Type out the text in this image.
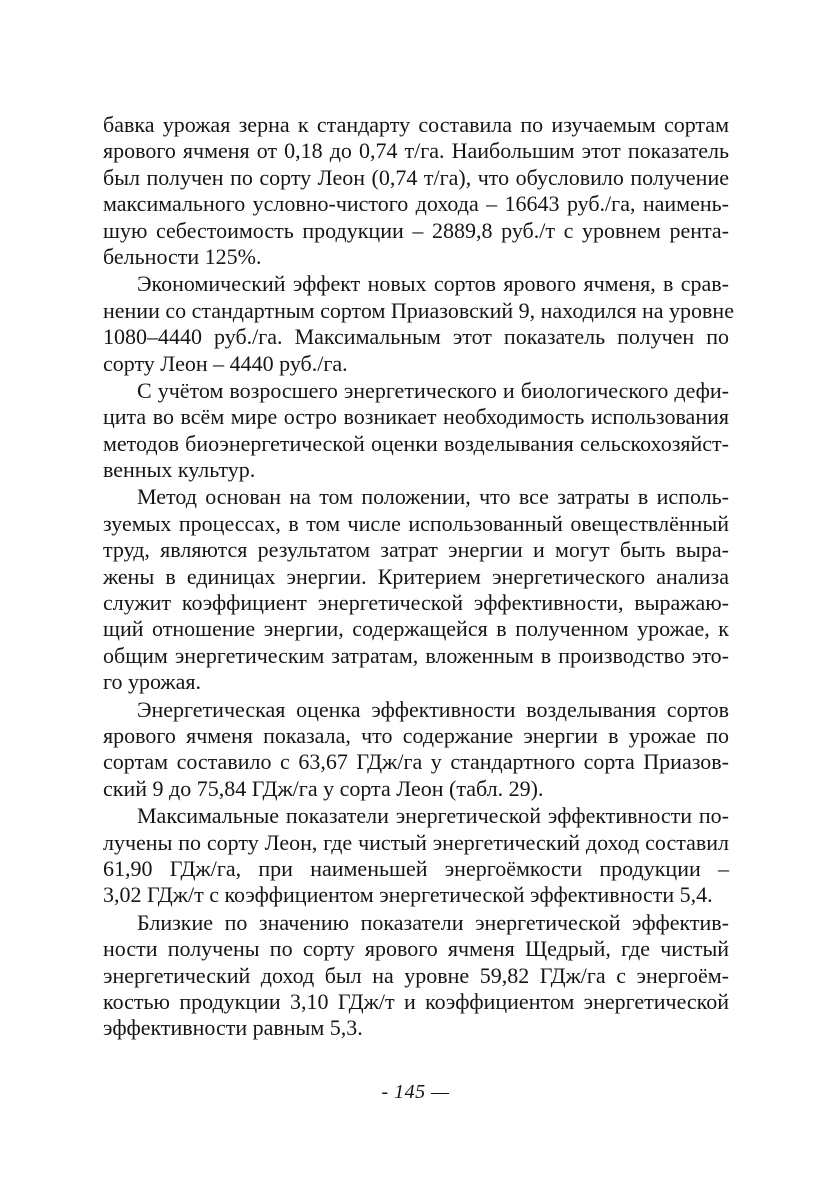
бавка урожая зерна к стандарту составила по изучаемым сортам
ярового ячменя от 0,18 до 0,74 т/га. Наибольшим этот показатель
был получен по сорту Леон (0,74 т/га), что обусловило получение
максимального условно-чистого дохода – 16643 руб./га, наимень-
шую себестоимость продукции – 2889,8 руб./т с уровнем рента-
бельности 125%.
Экономический эффект новых сортов ярового ячменя, в срав-
нении со стандартным сортом Приазовский 9, находился на уровне
1080–4440 руб./га. Максимальным этот показатель получен по
сорту Леон – 4440 руб./га.
С учётом возросшего энергетического и биологического дефи-
цита во всём мире остро возникает необходимость использования
методов биоэнергетической оценки возделывания сельскохозяйст-
венных культур.
Метод основан на том положении, что все затраты в исполь-
зуемых процессах, в том числе использованный овеществлённый
труд, являются результатом затрат энергии и могут быть выра-
жены в единицах энергии. Критерием энергетического анализа
служит коэффициент энергетической эффективности, выражаю-
щий отношение энергии, содержащейся в полученном урожае, к
общим энергетическим затратам, вложенным в производство это-
го урожая.
Энергетическая оценка эффективности возделывания сортов
ярового ячменя показала, что содержание энергии в урожае по
сортам составило с 63,67 ГДж/га у стандартного сорта Приазов-
ский 9 до 75,84 ГДж/га у сорта Леон (табл. 29).
Максимальные показатели энергетической эффективности по-
лучены по сорту Леон, где чистый энергетический доход составил
61,90 ГДж/га, при наименьшей энергоёмкости продукции –
3,02 ГДж/т с коэффициентом энергетической эффективности 5,4.
Близкие по значению показатели энергетической эффектив-
ности получены по сорту ярового ячменя Щедрый, где чистый
энергетический доход был на уровне 59,82 ГДж/га с энергоём-
костью продукции 3,10 ГДж/т и коэффициентом энергетической
эффективности равным 5,3.
- 145 —
